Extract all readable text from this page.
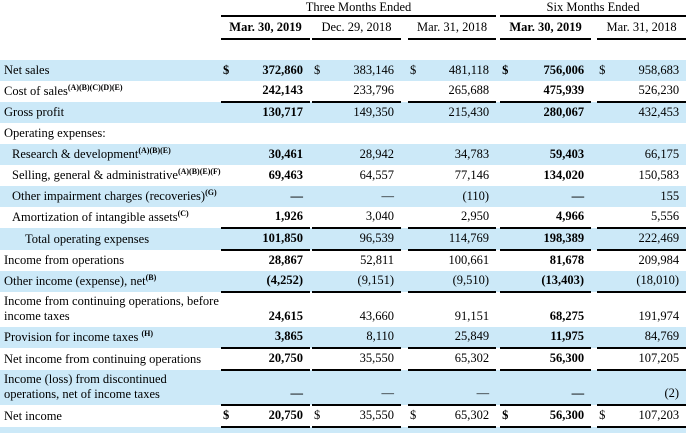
	Three Months Ended						Six Months Ended		
	Mar. 30, 2019		Dec. 29, 2018		Mar. 31, 2018		Mar. 30, 2019		Mar. 31, 2018

Net sales	$ 372,860		$ 383,146		$ 481,118		$ 756,006		$ 958,683
Cost of sales$^{(A)(B)(C)(D)(E)}$	242,143		233,796		265,688		475,939		526,230
Gross profit	130,717		149,350		215,430		280,067		432,453
Operating expenses:									
Research & development$^{(A)(B)(E)}$	30,461		28,942		34,783		59,403		66,175
Selling, general & administrative$^{(A)(B)(E)(F)}$	69,463		64,557		77,146		134,020		150,583
Other impairment charges (recoveries)$^{(G)}$	—		—		(110)		—		155
Amortization of intangible assets$^{(C)}$	1,926		3,040		2,950		4,966		5,556
Total operating expenses	101,850		96,539		114,769		198,389		222,469
Income from operations	28,867		52,811		100,661		81,678		209,984
Other income (expense), net$^{(B)}$	(4,252)		(9,151)		(9,510)		(13,403)		(18,010)
Income from continuing operations, before income taxes	24,615		43,660		91,151		68,275		191,974
Provision for income taxes $^{(H)}$	3,865		8,110		25,849		11,975		84,769
Net income from continuing operations	20,750		35,550		65,302		56,300		107,205
Income (loss) from discontinued operations, net of income taxes	—		—		—		—		(2)
Net income	$ 20,750		$ 35,550		$ 65,302		$ 56,300		$ 107,203
